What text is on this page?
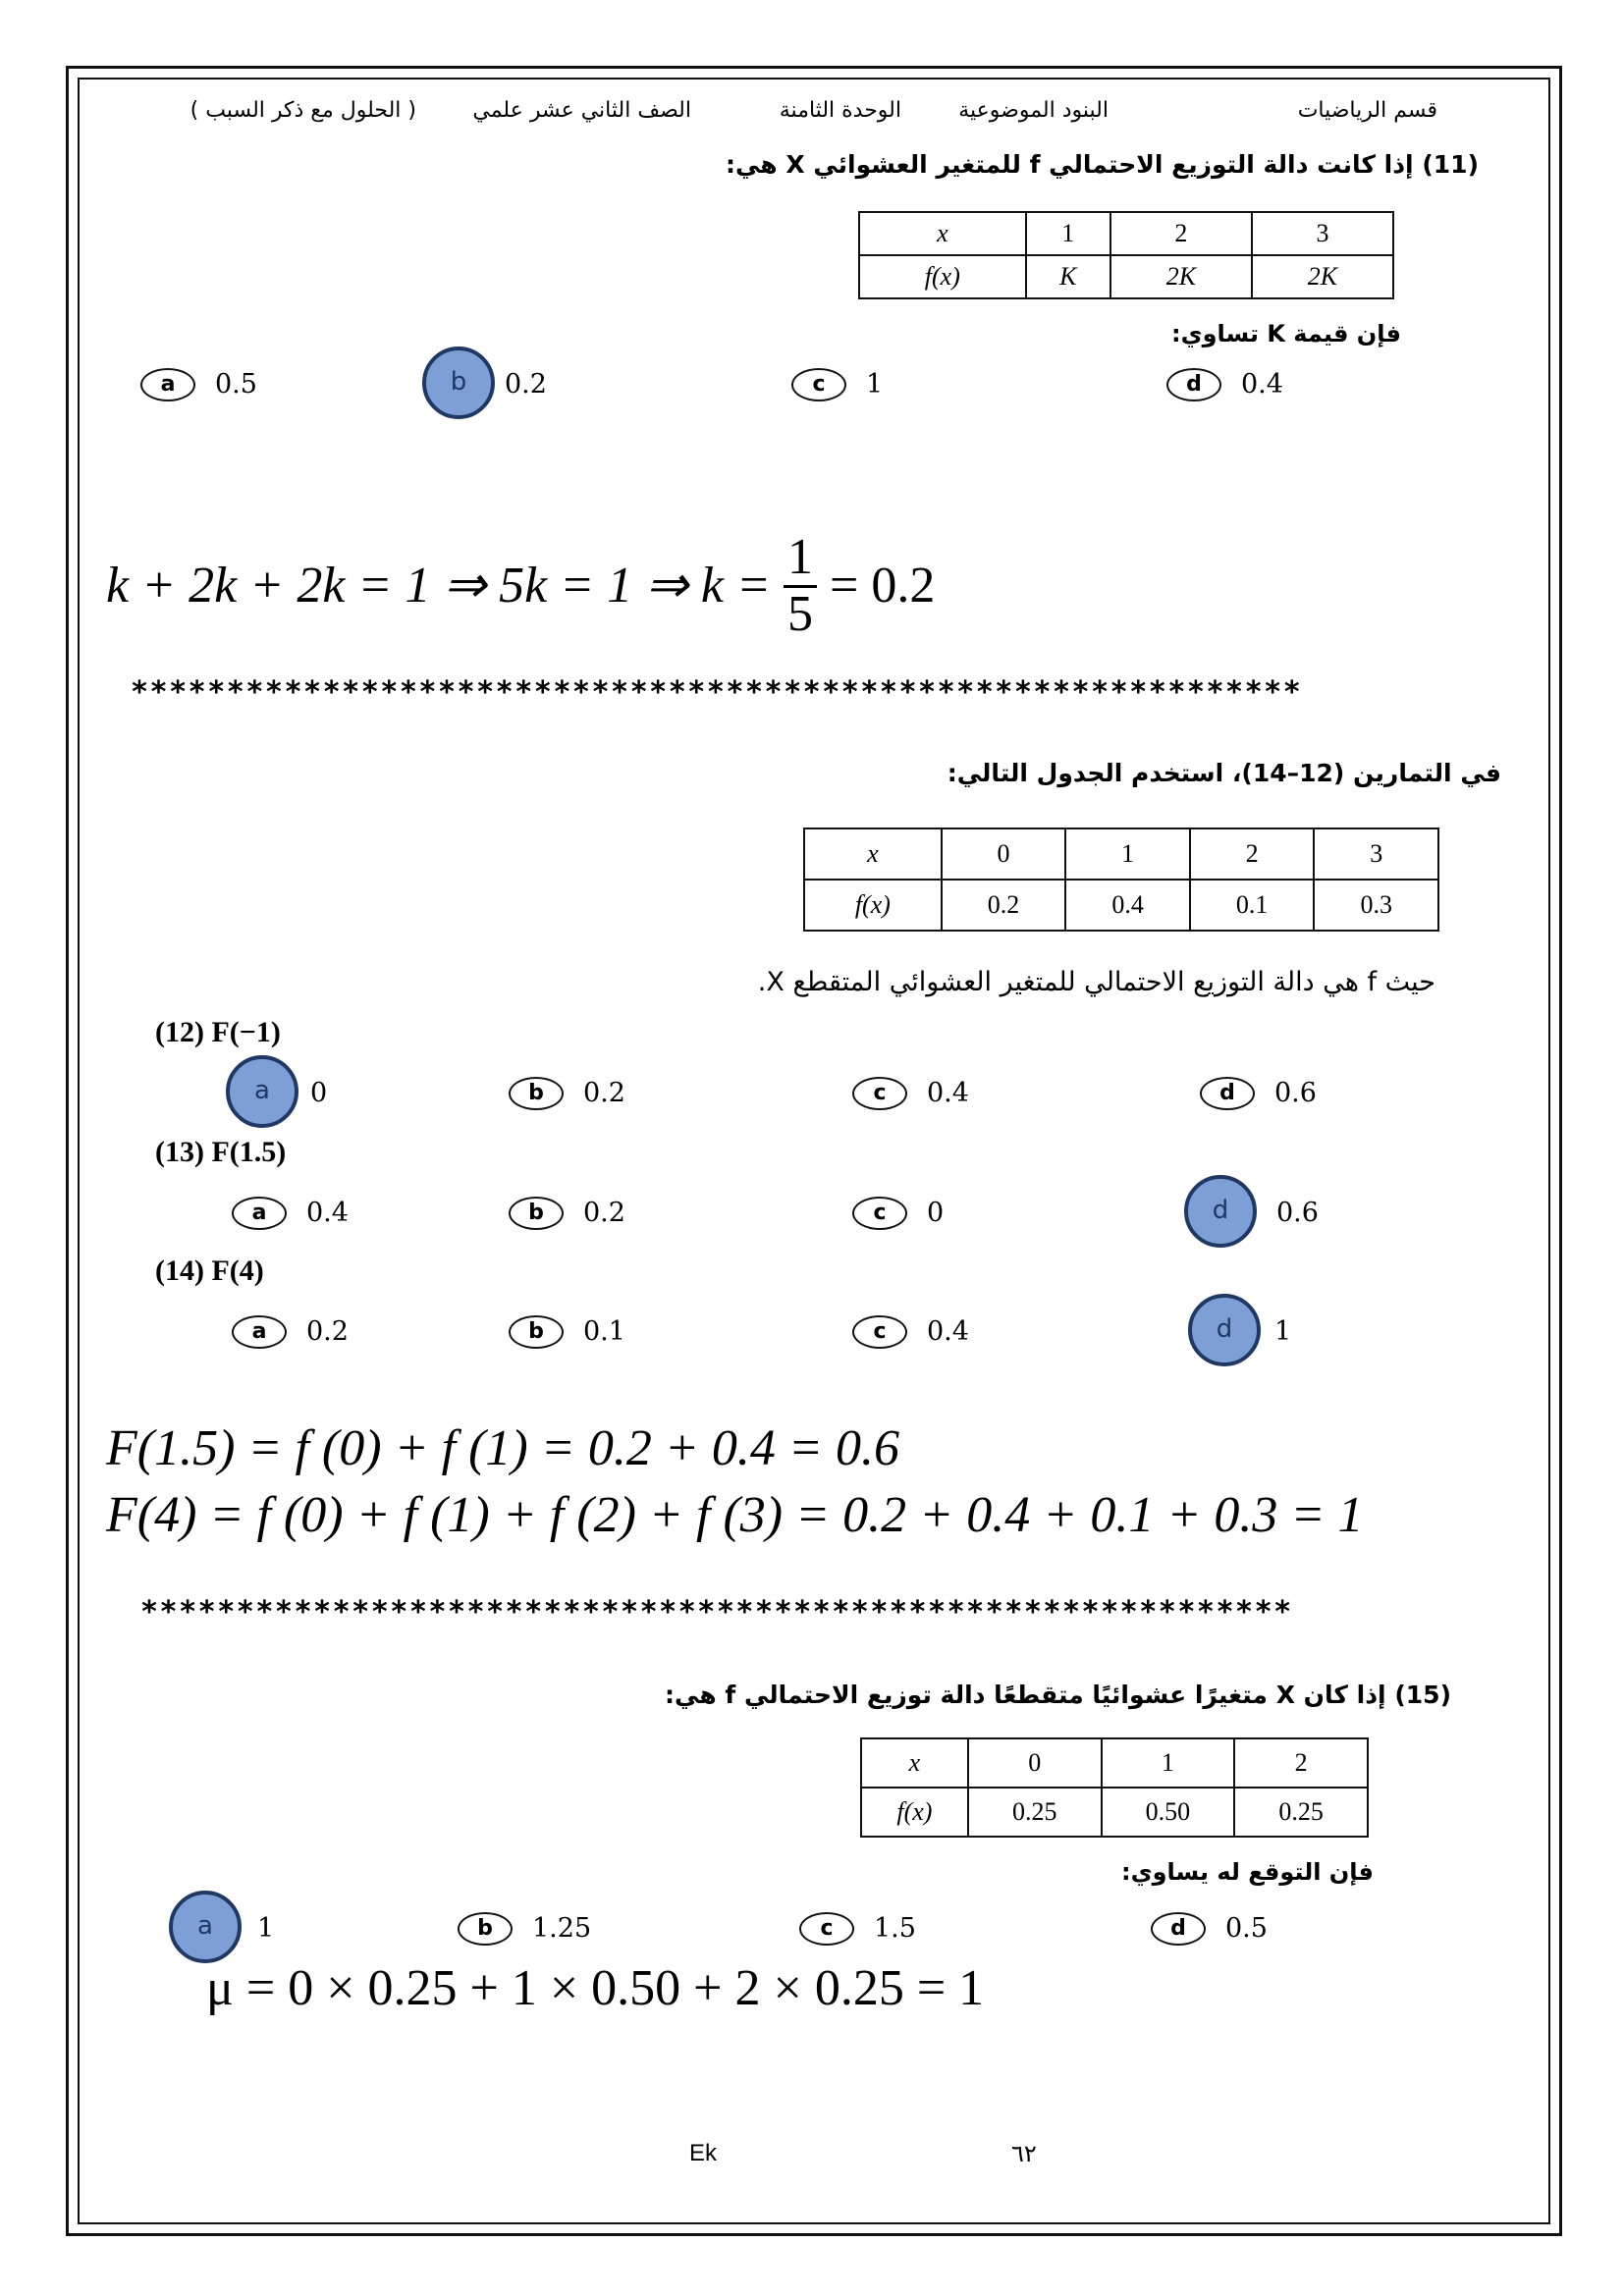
قسم الرياضيات
البنود الموضوعية
الوحدة الثامنة
الصف الثاني عشر علمي
( الحلول مع ذكر السبب )
(11) إذا كانت دالة التوزيع الاحتمالي f للمتغير العشوائي X هي:
x	1	2	3
f(x)	K	2K	2K
فإن قيمة K تساوي:
a	0.5	b	0.2	c	1	d	0.4
k + 2k + 2k = 1 ⇒ 5k = 1 ⇒ $k = \frac{1}{5} = 0.2$
*************************************************************
في التمارين (12–14)، استخدم الجدول التالي:
x	0	1	2	3
f(x)	0.2	0.4	0.1	0.3
حيث f هي دالة التوزيع الاحتمالي للمتغير العشوائي المتقطع X.
(12) F(−1)
a	0	b	0.2	c	0.4	d	0.6
(13) F(1.5)
a	0.4	b	0.2	c	0	d	0.6
(14) F(4)
a	0.2	b	0.1	c	0.4	d	1
F(1.5) = f (0) + f (1) = 0.2 + 0.4 = 0.6
F(4) = f (0) + f (1) + f (2) + f (3) = 0.2 + 0.4 + 0.1 + 0.3 = 1
************************************************************
(15) إذا كان X متغيرًا عشوائيًا متقطعًا دالة توزيع الاحتمالي f هي:
x	0	1	2
f(x)	0.25	0.50	0.25
فإن التوقع له يساوي:
a	1	b	1.25	c	1.5	d	0.5
μ = 0 × 0.25 + 1 × 0.50 + 2 × 0.25 = 1
Ek	٦٢
